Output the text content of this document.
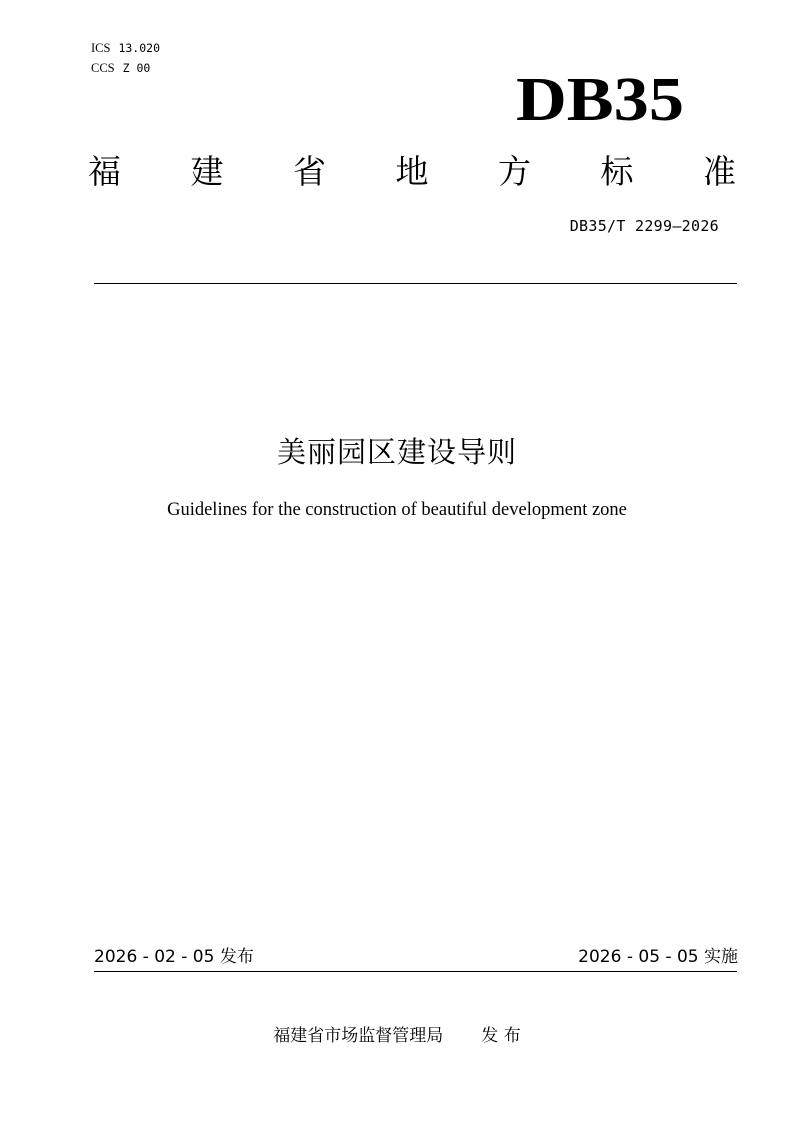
ICS 13.020
CCS Z 00	DB35
福 建 省 地 方 标 准
DB35/T 2299—2026
美丽园区建设导则
Guidelines for the construction of beautiful development zone
2026 - 02 - 05 发布	2026 - 05 - 05 实施
福建省市场监督管理局 发 布
